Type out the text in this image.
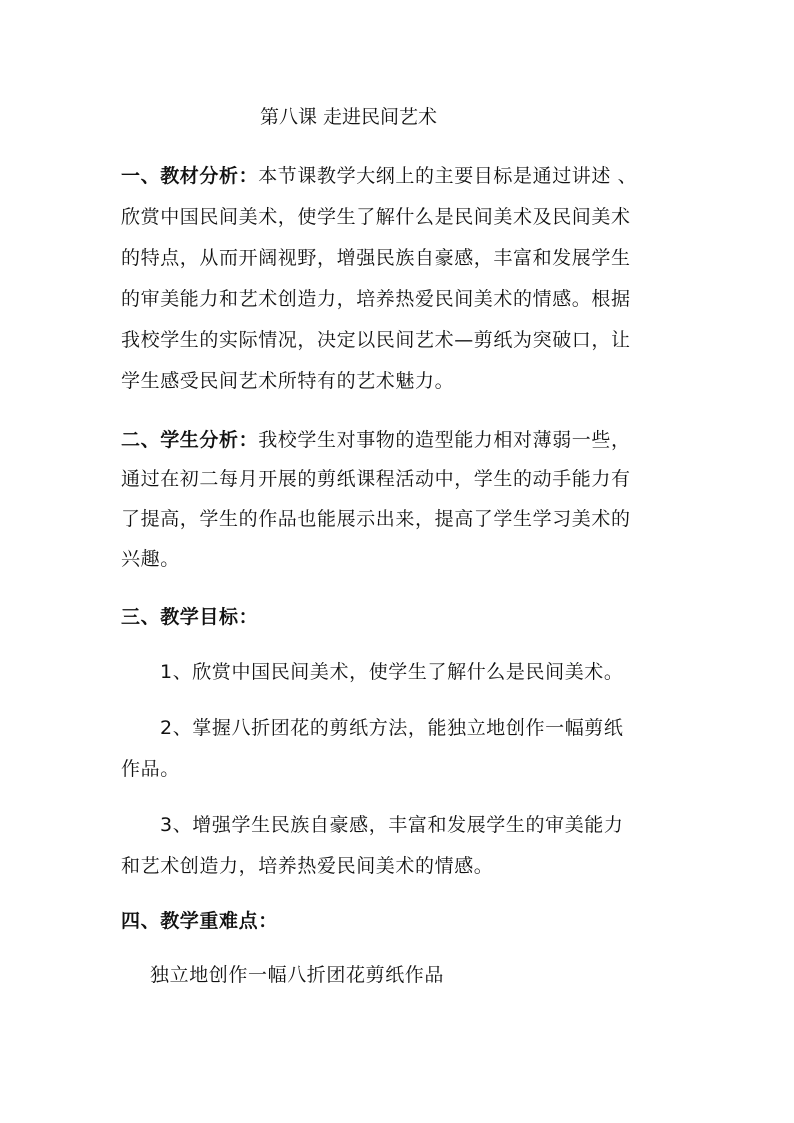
第八课 走进民间艺术
一、教材分析：本节课教学大纲上的主要目标是通过讲述 、
欣赏中国民间美术，使学生了解什么是民间美术及民间美术
的特点，从而开阔视野，增强民族自豪感，丰富和发展学生
的审美能力和艺术创造力，培养热爱民间美术的情感。根据
我校学生的实际情况，决定以民间艺术—剪纸为突破口，让
学生感受民间艺术所特有的艺术魅力。
二、学生分析：我校学生对事物的造型能力相对薄弱一些，
通过在初二每月开展的剪纸课程活动中，学生的动手能力有
了提高，学生的作品也能展示出来，提高了学生学习美术的
兴趣。
三、教学目标：
1、欣赏中国民间美术，使学生了解什么是民间美术。
2、掌握八折团花的剪纸方法，能独立地创作一幅剪纸
作品。
3、增强学生民族自豪感，丰富和发展学生的审美能力
和艺术创造力，培养热爱民间美术的情感。
四、教学重难点：
独立地创作一幅八折团花剪纸作品
